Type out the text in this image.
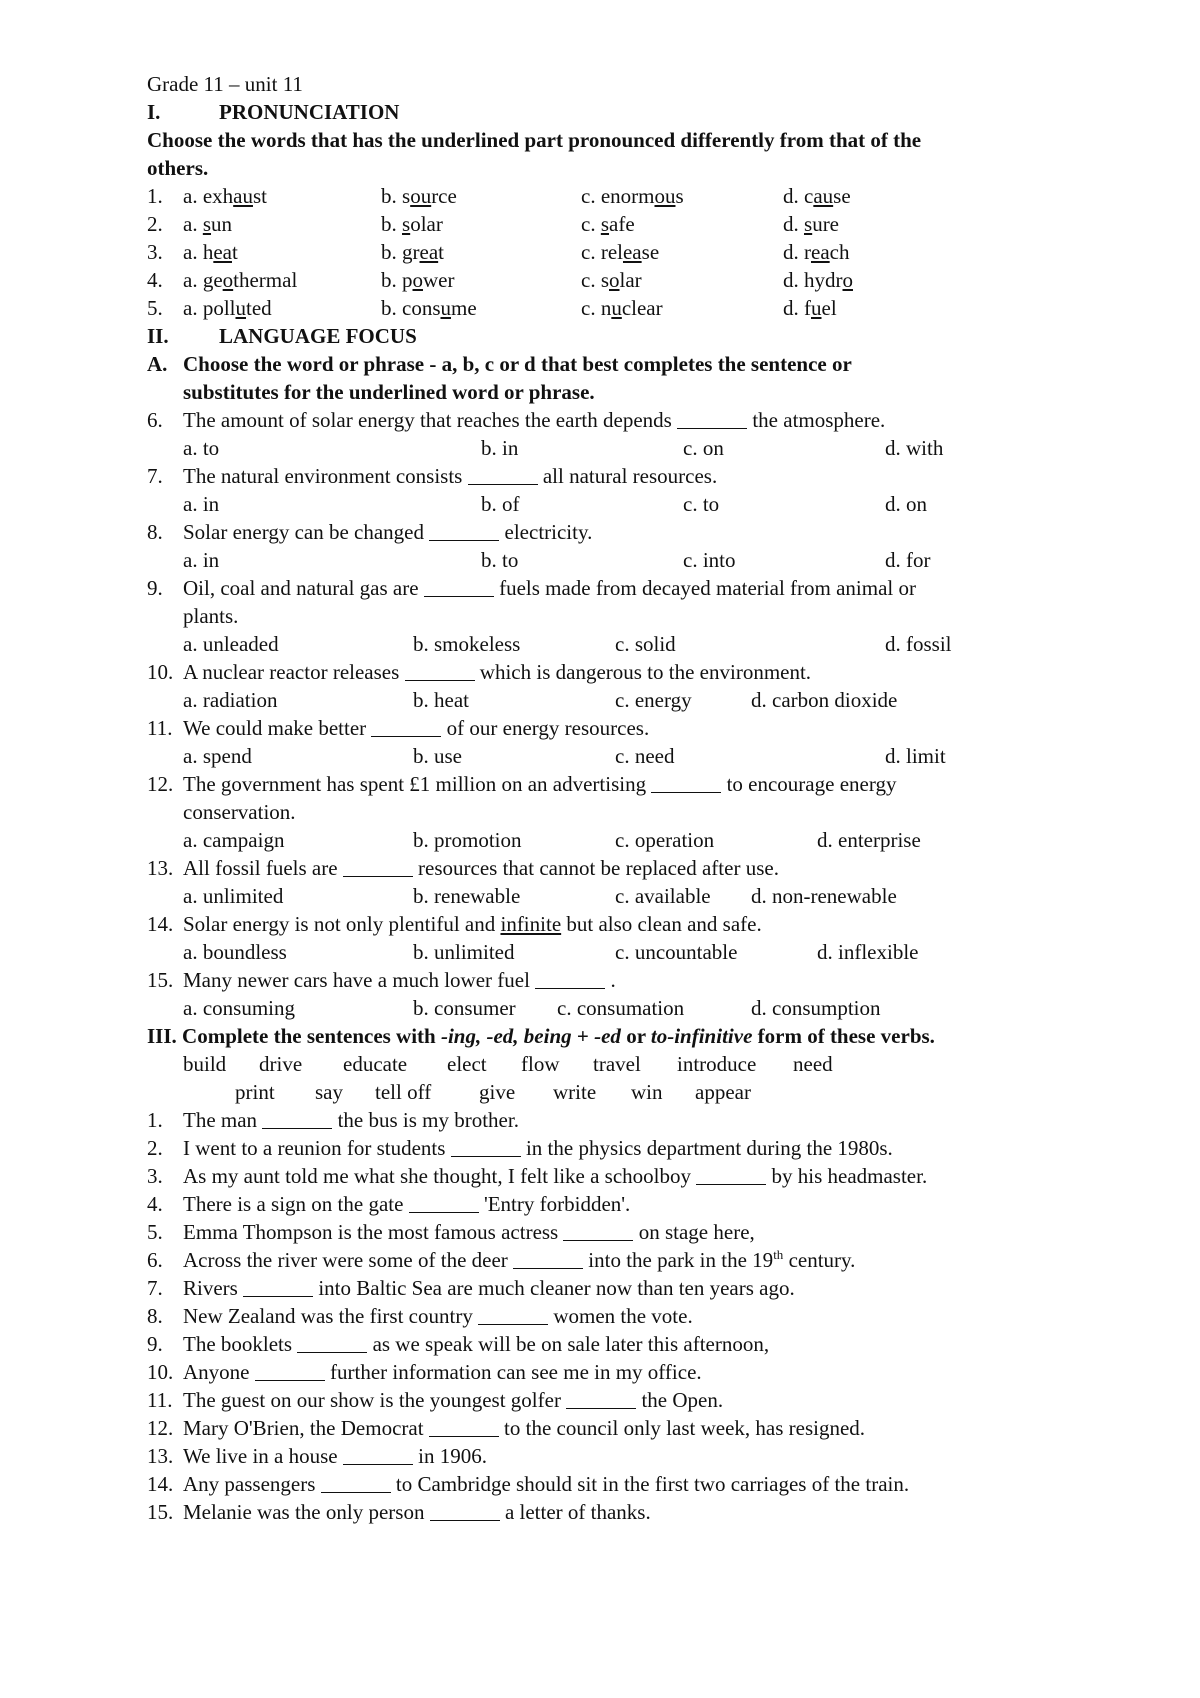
Grade 11 – unit 11
I.	PRONUNCIATION
Choose the words that has the underlined part pronounced differently from that of the
others.
1. a. exhaust	b. source	c. enormous	d. cause
2. a. sun	b. solar	c. safe	d. sure
3. a. heat	b. great	c. release	d. reach
4. a. geothermal	b. power	c. solar	d. hydro
5. a. polluted	b. consume	c. nuclear	d. fuel
II. LANGUAGE FOCUS
A. Choose the word or phrase - a, b, c or d that best completes the sentence or
substitutes for the underlined word or phrase.
6. The amount of solar energy that reaches the earth depends	the atmosphere.
a. to	b. in	c. on	d. with
7. The natural environment consists	all natural resources.
a. in	b. of	c. to	d. on
8. Solar energy can be changed	electricity.
a. in	b. to	c. into	d. for
9. Oil, coal and natural gas are	fuels made from decayed material from animal or
plants.
a. unleaded	b. smokeless	c. solid	d. fossil
10. A nuclear reactor releases	which is dangerous to the environment.
a. radiation	b. heat	c. energy	d. carbon dioxide
11. We could make better	of our energy resources.
a. spend	b. use	c. need	d. limit
12. The government has spent £1 million on an advertising	to encourage energy
conservation.
a. campaign	b. promotion	c. operation	d. enterprise
13. All fossil fuels are	resources that cannot be replaced after use.
a. unlimited	b. renewable	c. available d. non-renewable
14. Solar energy is not only plentiful and infinite but also clean and safe.
a. boundless	b. unlimited	c. uncountable	d. inflexible
15. Many newer cars have a much lower fuel	.
a. consuming	b. consumer c. consumation	d. consumption
III. Complete the sentences with -ing, -ed, being + -ed or to-infinitive form of these verbs.
build drive educate elect flow travel introduce need
print say tell off give write win appear
1. The man	the bus is my brother.
2. I went to a reunion for students	in the physics department during the 1980s.
3. As my aunt told me what she thought, I felt like a schoolboy	by his headmaster.
4. There is a sign on the gate	'Entry forbidden'.
5. Emma Thompson is the most famous actress	on stage here,
6. Across the river were some of the deer	into the park in the 19th century.
7. Rivers	into Baltic Sea are much cleaner now than ten years ago.
8. New Zealand was the first country	women the vote.
9. The booklets	as we speak will be on sale later this afternoon,
10. Anyone	further information can see me in my office.
11. The guest on our show is the youngest golfer	the Open.
12. Mary O'Brien, the Democrat	to the council only last week, has resigned.
13. We live in a house	in 1906.
14. Any passengers	to Cambridge should sit in the first two carriages of the train.
15. Melanie was the only person	a letter of thanks.
